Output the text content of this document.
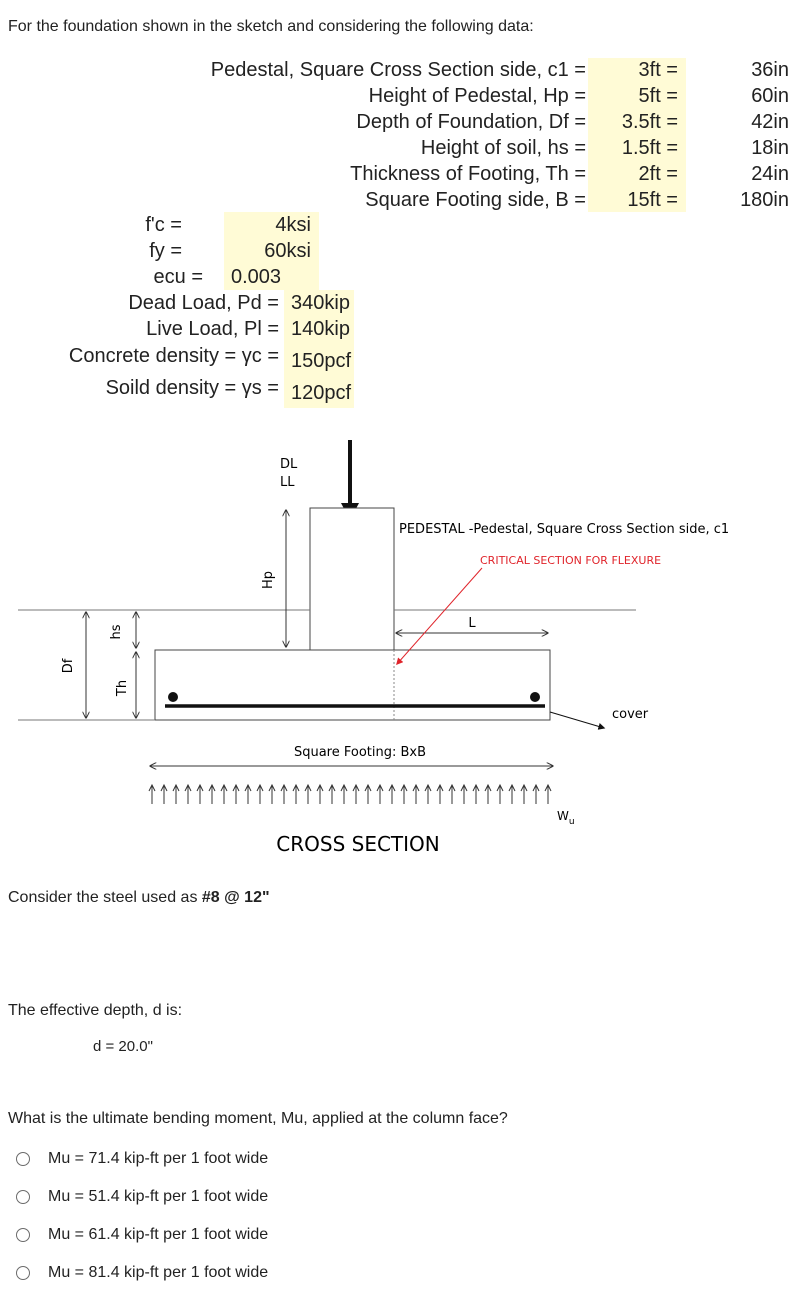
For the foundation shown in the sketch and considering the following data:
Pedestal, Square Cross Section side, c1 =	3ft =	36in
Height of Pedestal, Hp =	5ft =	60in
Depth of Foundation, Df = 3.5ft =	42in
Height of soil, hs = 1.5ft =	18in
Thickness of Footing, Th =	2ft =	24in
Square Footing side, B = 15ft =	180in
f'c =	4ksi
fy =	60ksi
ecu = 0.003
Dead Load, Pd = 340kip
Live Load, Pl = 140kip
Concrete density = γc = 150pcf
Soild density = γs = 120pcf
DL
LL
Hp
Df
hs
Th
L
PEDESTAL -Pedestal, Square Cross Section side, c1
CRITICAL SECTION FOR FLEXURE
cover
Square Footing: BxB
$W_u$
CROSS SECTION
Consider the steel used as #8 @ 12"
The effective depth, d is:
d = 20.0"
What is the ultimate bending moment, Mu, applied at the column face?
Mu = 71.4 kip-ft per 1 foot wide
Mu = 51.4 kip-ft per 1 foot wide
Mu = 61.4 kip-ft per 1 foot wide
Mu = 81.4 kip-ft per 1 foot wide
